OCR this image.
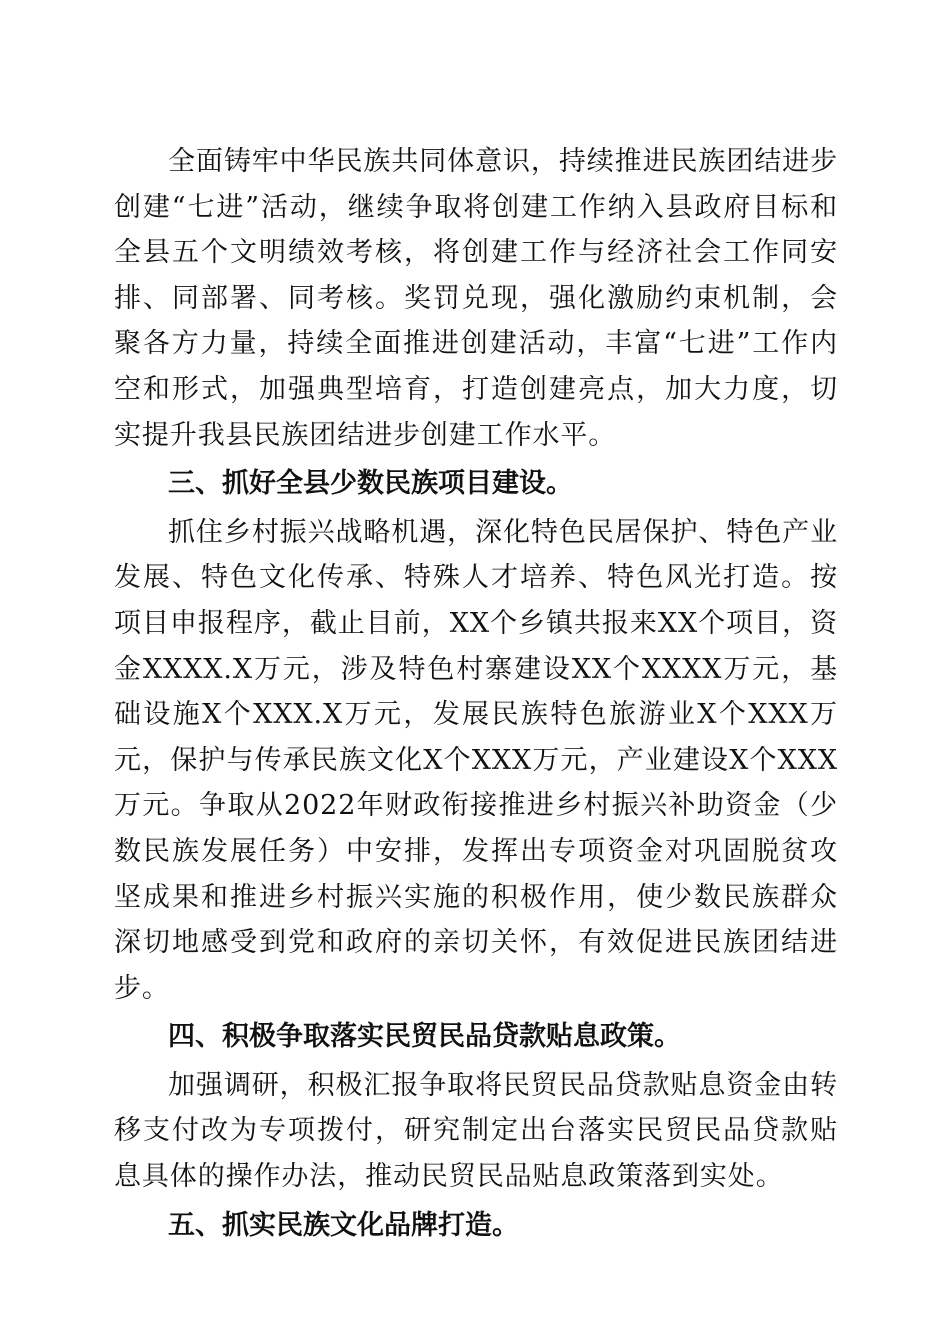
全面铸牢中华民族共同体意识，持续推进民族团结进步创建“七进”活动，继续争取将创建工作纳入县政府目标和全县五个文明绩效考核，将创建工作与经济社会工作同安排、同部署、同考核。奖罚兑现，强化激励约束机制，会聚各方力量，持续全面推进创建活动，丰富“七进”工作内空和形式，加强典型培育，打造创建亮点，加大力度，切实提升我县民族团结进步创建工作水平。

三、抓好全县少数民族项目建设。

抓住乡村振兴战略机遇，深化特色民居保护、特色产业发展、特色文化传承、特殊人才培养、特色风光打造。按项目申报程序，截止目前，XX个乡镇共报来XX个项目，资金XXXX.X万元，涉及特色村寨建设XX个XXXX万元，基础设施X个XXX.X万元，发展民族特色旅游业X个XXX万元，保护与传承民族文化X个XXX万元，产业建设X个XXX万元。争取从2022年财政衔接推进乡村振兴补助资金（少数民族发展任务）中安排，发挥出专项资金对巩固脱贫攻坚成果和推进乡村振兴实施的积极作用，使少数民族群众深切地感受到党和政府的亲切关怀，有效促进民族团结进步。

四、积极争取落实民贸民品贷款贴息政策。

加强调研，积极汇报争取将民贸民品贷款贴息资金由转移支付改为专项拨付，研究制定出台落实民贸民品贷款贴息具体的操作办法，推动民贸民品贴息政策落到实处。

五、抓实民族文化品牌打造。
